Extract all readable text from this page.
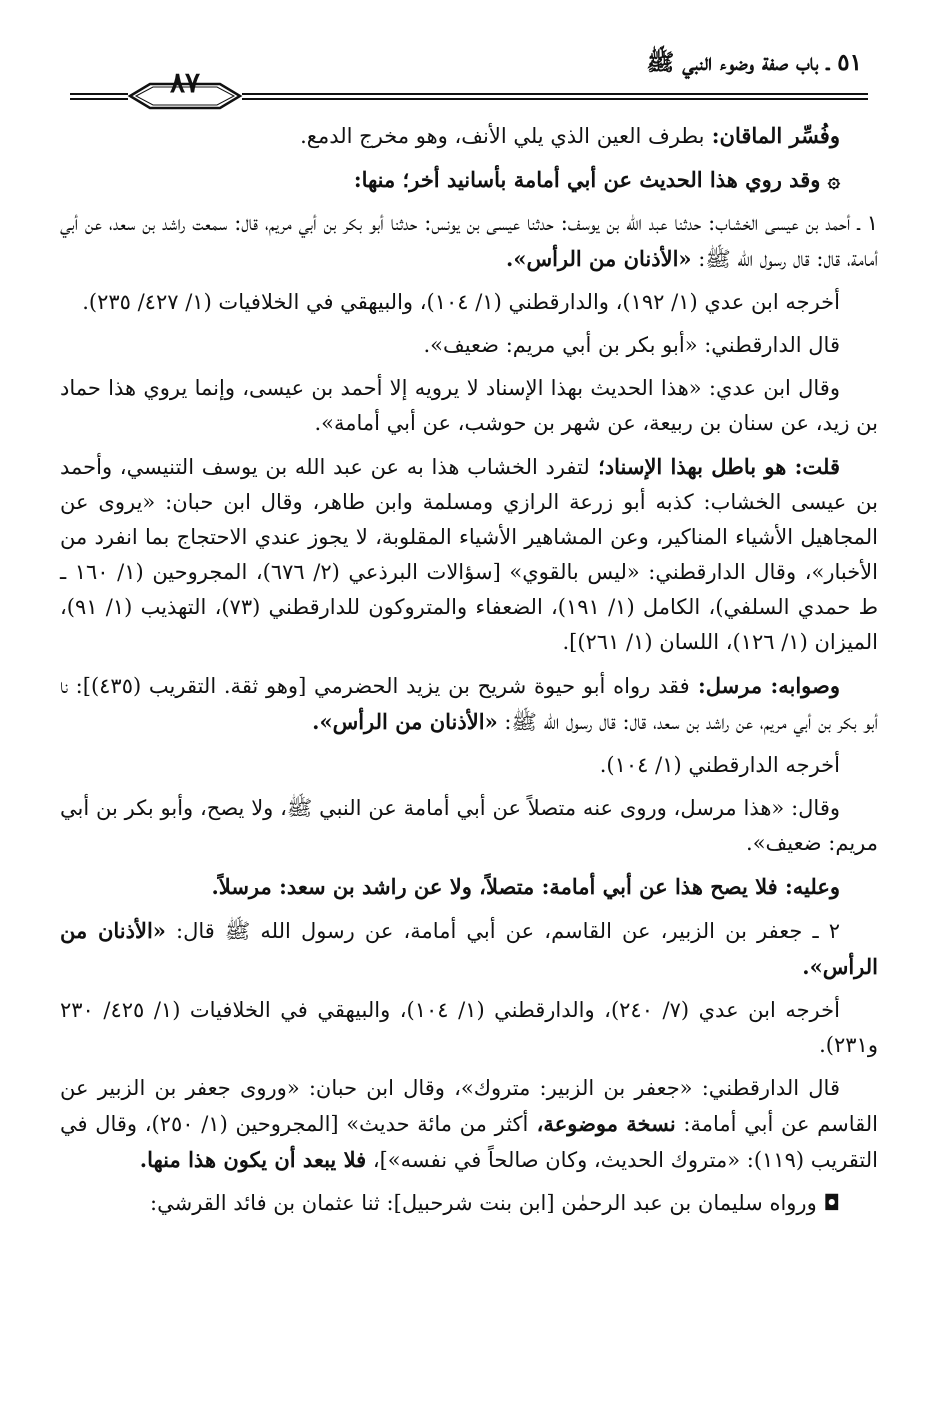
٥١ ـ باب صفة وضوء النبي ﷺ
٨٧

وفُسِّر الماقان: بطرف العين الذي يلي الأنف، وهو مخرج الدمع.

۞ وقد روي هذا الحديث عن أبي أمامة بأسانيد أخر؛ منها:

١ ـ أحمد بن عيسى الخشاب: حدثنا عبد الله بن يوسف: حدثنا عيسى بن يونس: حدثنا أبو بكر بن أبي مريم، قال: سمعت راشد بن سعد، عن أبي أمامة، قال: قال رسول الله ﷺ: «الأذنان من الرأس».

أخرجه ابن عدي (١/ ١٩٢)، والدارقطني (١/ ١٠٤)، والبيهقي في الخلافيات (١/ ٤٢٧/ ٢٣٥).

قال الدارقطني: «أبو بكر بن أبي مريم: ضعيف».

وقال ابن عدي: «هذا الحديث بهذا الإسناد لا يرويه إلا أحمد بن عيسى، وإنما يروي هذا حماد بن زيد، عن سنان بن ربيعة، عن شهر بن حوشب، عن أبي أمامة».

قلت: هو باطل بهذا الإسناد؛ لتفرد الخشاب هذا به عن عبد الله بن يوسف التنيسي، وأحمد بن عيسى الخشاب: كذبه أبو زرعة الرازي ومسلمة وابن طاهر، وقال ابن حبان: «يروى عن المجاهيل الأشياء المناكير، وعن المشاهير الأشياء المقلوبة، لا يجوز عندي الاحتجاج بما انفرد من الأخبار»، وقال الدارقطني: «ليس بالقوي» [سؤالات البرذعي (٢/ ٦٧٦)، المجروحين (١/ ١٦٠ ـ ط حمدي السلفي)، الكامل (١/ ١٩١)، الضعفاء والمتروكون للدارقطني (٧٣)، التهذيب (١/ ٩١)، الميزان (١/ ١٢٦)، اللسان (١/ ٢٦١)].

وصوابه: مرسل: فقد رواه أبو حيوة شريح بن يزيد الحضرمي [وهو ثقة. التقريب (٤٣٥)]: نا أبو بكر بن أبي مريم، عن راشد بن سعد، قال: قال رسول الله ﷺ: «الأذنان من الرأس».

أخرجه الدارقطني (١/ ١٠٤).

وقال: «هذا مرسل، وروى عنه متصلاً عن أبي أمامة عن النبي ﷺ، ولا يصح، وأبو بكر بن أبي مريم: ضعيف».

وعليه: فلا يصح هذا عن أبي أمامة: متصلاً، ولا عن راشد بن سعد: مرسلاً.

٢ ـ جعفر بن الزبير، عن القاسم، عن أبي أمامة، عن رسول الله ﷺ قال: «الأذنان من الرأس».

أخرجه ابن عدي (٧/ ٢٤٠)، والدارقطني (١/ ١٠٤)، والبيهقي في الخلافيات (١/ ٤٢٥/ ٢٣٠ و٢٣١).

قال الدارقطني: «جعفر بن الزبير: متروك»، وقال ابن حبان: «وروى جعفر بن الزبير عن القاسم عن أبي أمامة: نسخة موضوعة، أكثر من مائة حديث» [المجروحين (١/ ٢٥٠)، وقال في التقريب (١١٩): «متروك الحديث، وكان صالحاً في نفسه»]، فلا يبعد أن يكون هذا منها.

◘ ورواه سليمان بن عبد الرحمٰن [ابن بنت شرحبيل]: ثنا عثمان بن فائد القرشي:
